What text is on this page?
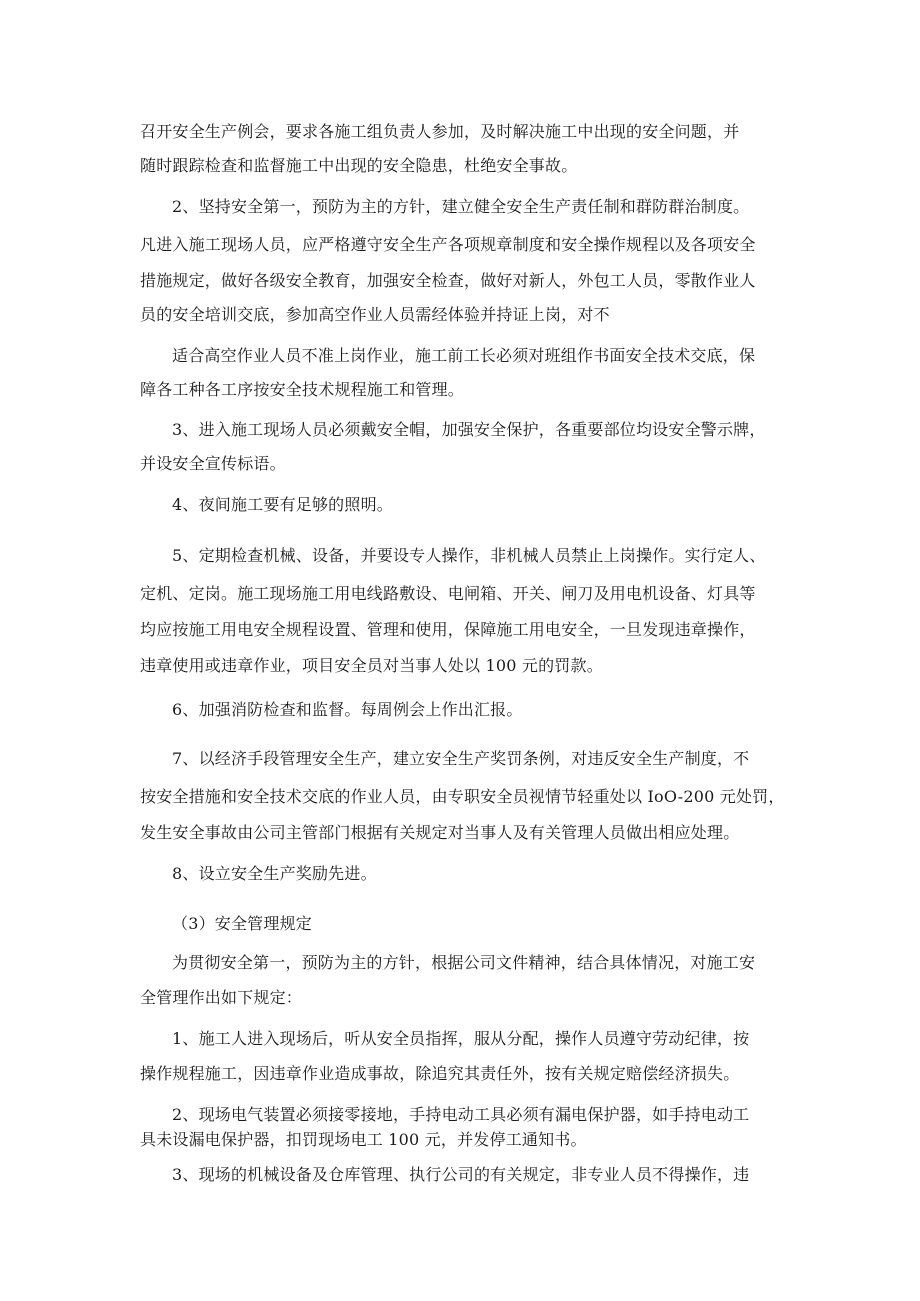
召开安全生产例会，要求各施工组负责人参加，及时解决施工中出现的安全问题，并
随时跟踪检查和监督施工中出现的安全隐患，杜绝安全事故。
2、坚持安全第一，预防为主的方针，建立健全安全生产责任制和群防群治制度。
凡进入施工现场人员，应严格遵守安全生产各项规章制度和安全操作规程以及各项安全
措施规定，做好各级安全教育，加强安全检查，做好对新人，外包工人员，零散作业人
员的安全培训交底，参加高空作业人员需经体验并持证上岗，对不
适合高空作业人员不准上岗作业，施工前工长必须对班组作书面安全技术交底，保
障各工种各工序按安全技术规程施工和管理。
3、进入施工现场人员必须戴安全帽，加强安全保护，各重要部位均设安全警示牌，
并设安全宣传标语。
4、夜间施工要有足够的照明。
5、定期检查机械、设备，并要设专人操作，非机械人员禁止上岗操作。实行定人、
定机、定岗。施工现场施工用电线路敷设、电闸箱、开关、闸刀及用电机设备、灯具等
均应按施工用电安全规程设置、管理和使用，保障施工用电安全，一旦发现违章操作，
违章使用或违章作业，项目安全员对当事人处以 100 元的罚款。
6、加强消防检查和监督。每周例会上作出汇报。
7、以经济手段管理安全生产，建立安全生产奖罚条例，对违反安全生产制度，不
按安全措施和安全技术交底的作业人员，由专职安全员视情节轻重处以 IoO-200 元处罚，
发生安全事故由公司主管部门根据有关规定对当事人及有关管理人员做出相应处理。
8、设立安全生产奖励先进。
（3）安全管理规定
为贯彻安全第一，预防为主的方针，根据公司文件精神，结合具体情况，对施工安
全管理作出如下规定：
1、施工人进入现场后，听从安全员指挥，服从分配，操作人员遵守劳动纪律，按
操作规程施工，因违章作业造成事故，除追究其责任外，按有关规定赔偿经济损失。
2、现场电气装置必须接零接地，手持电动工具必须有漏电保护器，如手持电动工
具未设漏电保护器，扣罚现场电工 100 元，并发停工通知书。
3、现场的机械设备及仓库管理、执行公司的有关规定，非专业人员不得操作，违
